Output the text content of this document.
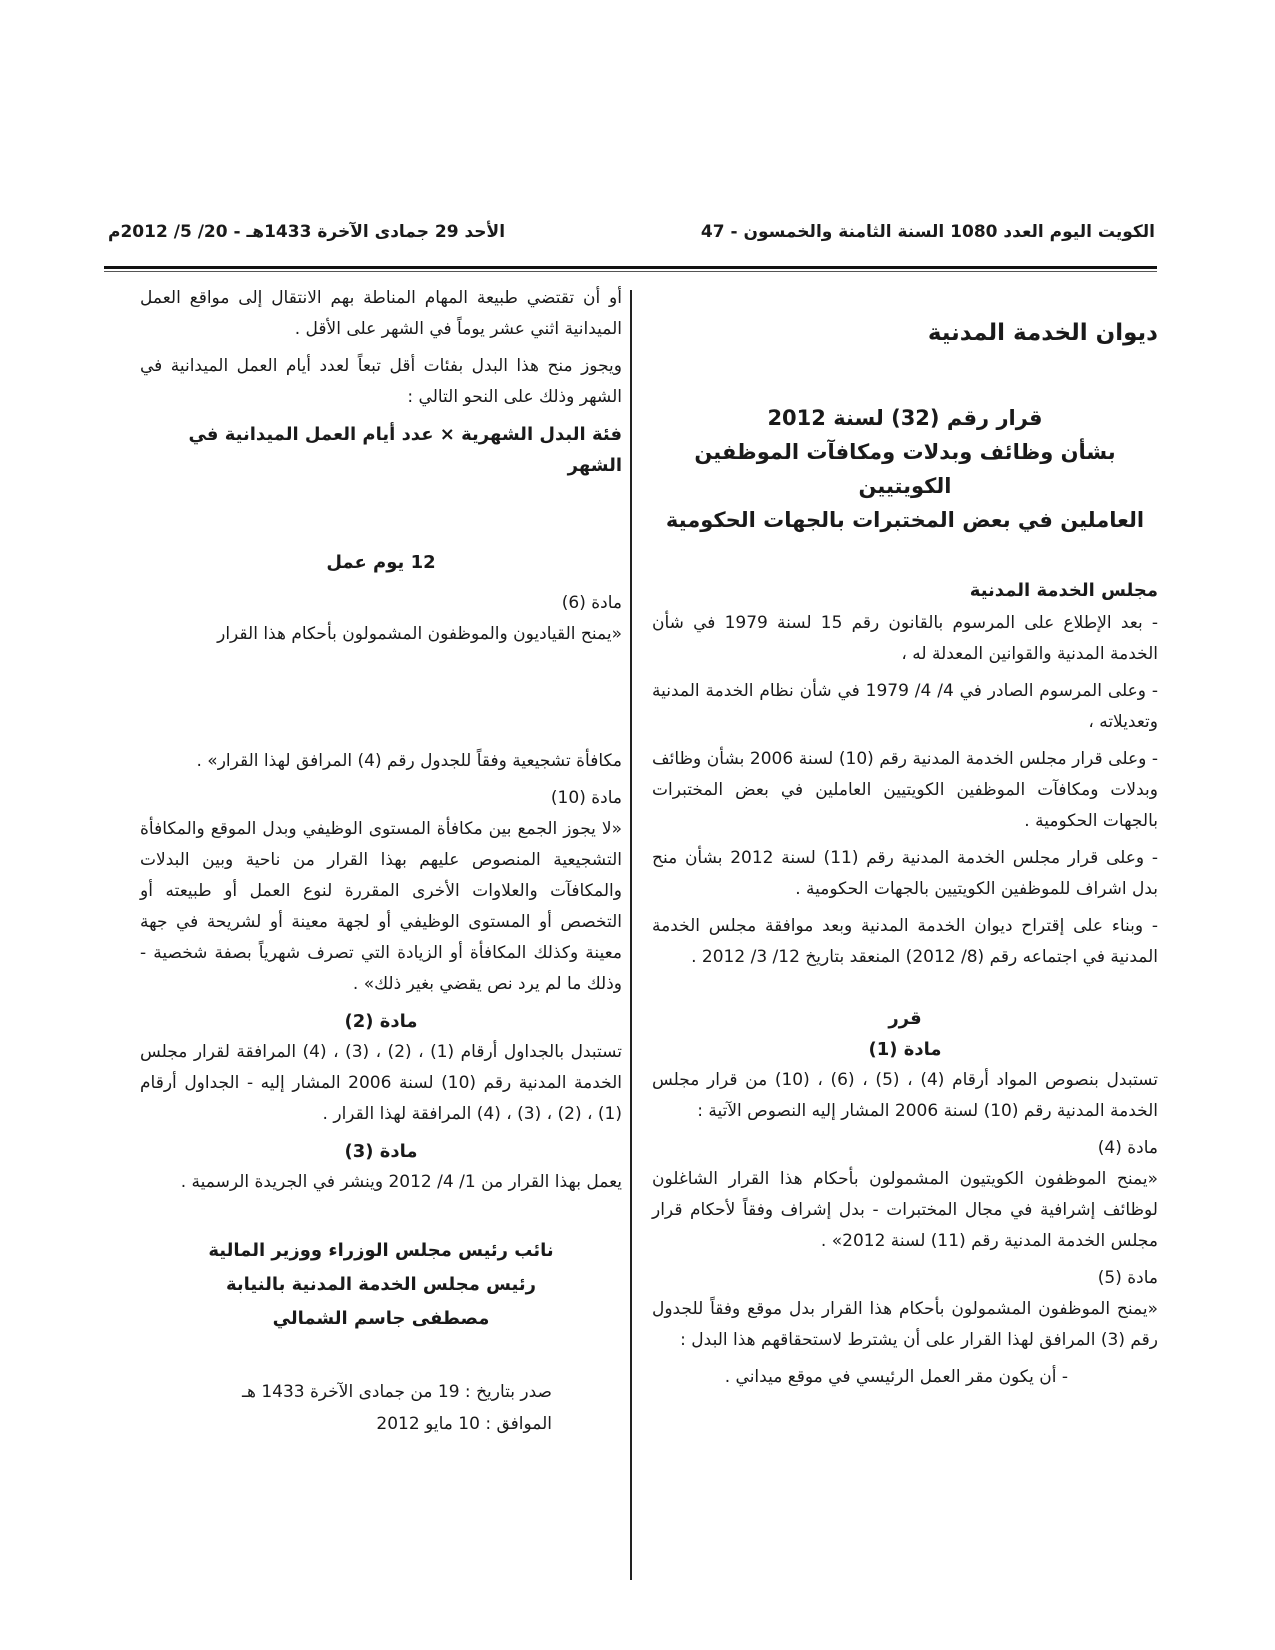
الكويت اليوم العدد 1080 السنة الثامنة والخمسون - 47
الأحد 29 جمادى الآخرة 1433هـ - 20/ 5/ 2012م
ديوان الخدمة المدنية
قرار رقم (32) لسنة 2012
بشأن وظائف وبدلات ومكافآت الموظفين الكويتيين
العاملين في بعض المختبرات بالجهات الحكومية
مجلس الخدمة المدنية

- بعد الإطلاع على المرسوم بالقانون رقم 15 لسنة 1979 في شأن الخدمة المدنية والقوانين المعدلة له ،

- وعلى المرسوم الصادر في 4/ 4/ 1979 في شأن نظام الخدمة المدنية وتعديلاته ،

- وعلى قرار مجلس الخدمة المدنية رقم (10) لسنة 2006 بشأن وظائف وبدلات ومكافآت الموظفين الكويتيين العاملين في بعض المختبرات بالجهات الحكومية .

- وعلى قرار مجلس الخدمة المدنية رقم (11) لسنة 2012 بشأن منح بدل اشراف للموظفين الكويتيين بالجهات الحكومية .

- وبناء على إقتراح ديوان الخدمة المدنية وبعد موافقة مجلس الخدمة المدنية في اجتماعه رقم (8/ 2012) المنعقد بتاريخ 12/ 3/ 2012 .

قرر

مادة (1)

تستبدل بنصوص المواد أرقام (4) ، (5) ، (6) ، (10) من قرار مجلس الخدمة المدنية رقم (10) لسنة 2006 المشار إليه النصوص الآتية :

مادة (4)

«يمنح الموظفون الكويتيون المشمولون بأحكام هذا القرار الشاغلون لوظائف إشرافية في مجال المختبرات - بدل إشراف وفقاً لأحكام قرار مجلس الخدمة المدنية رقم (11) لسنة 2012» .

مادة (5)

«يمنح الموظفون المشمولون بأحكام هذا القرار بدل موقع وفقاً للجدول رقم (3) المرافق لهذا القرار على أن يشترط لاستحقاقهم هذا البدل :

- أن يكون مقر العمل الرئيسي في موقع ميداني .

أو أن تقتضي طبيعة المهام المناطة بهم الانتقال إلى مواقع العمل الميدانية اثني عشر يوماً في الشهر على الأقل .

ويجوز منح هذا البدل بفئات أقل تبعاً لعدد أيام العمل الميدانية في الشهر وذلك على النحو التالي :

فئة البدل الشهرية × عدد أيام العمل الميدانية في الشهر

12 يوم عمل

مادة (6)

«يمنح القياديون والموظفون المشمولون بأحكام هذا القرار

مكافأة تشجيعية وفقاً للجدول رقم (4) المرافق لهذا القرار» .

مادة (10)

«لا يجوز الجمع بين مكافأة المستوى الوظيفي وبدل الموقع والمكافأة التشجيعية المنصوص عليهم بهذا القرار من ناحية وبين البدلات والمكافآت والعلاوات الأخرى المقررة لنوع العمل أو طبيعته أو التخصص أو المستوى الوظيفي أو لجهة معينة أو لشريحة في جهة معينة وكذلك المكافأة أو الزيادة التي تصرف شهرياً بصفة شخصية - وذلك ما لم يرد نص يقضي بغير ذلك» .

مادة (2)

تستبدل بالجداول أرقام (1) ، (2) ، (3) ، (4) المرافقة لقرار مجلس الخدمة المدنية رقم (10) لسنة 2006 المشار إليه - الجداول أرقام (1) ، (2) ، (3) ، (4) المرافقة لهذا القرار .

مادة (3)

يعمل بهذا القرار من 1/ 4/ 2012 وينشر في الجريدة الرسمية .

نائب رئيس مجلس الوزراء ووزير المالية
رئيس مجلس الخدمة المدنية بالنيابة
مصطفى جاسم الشمالي
صدر بتاريخ : 19 من جمادى الآخرة 1433 هـ
الموافق : 10 مايو 2012
